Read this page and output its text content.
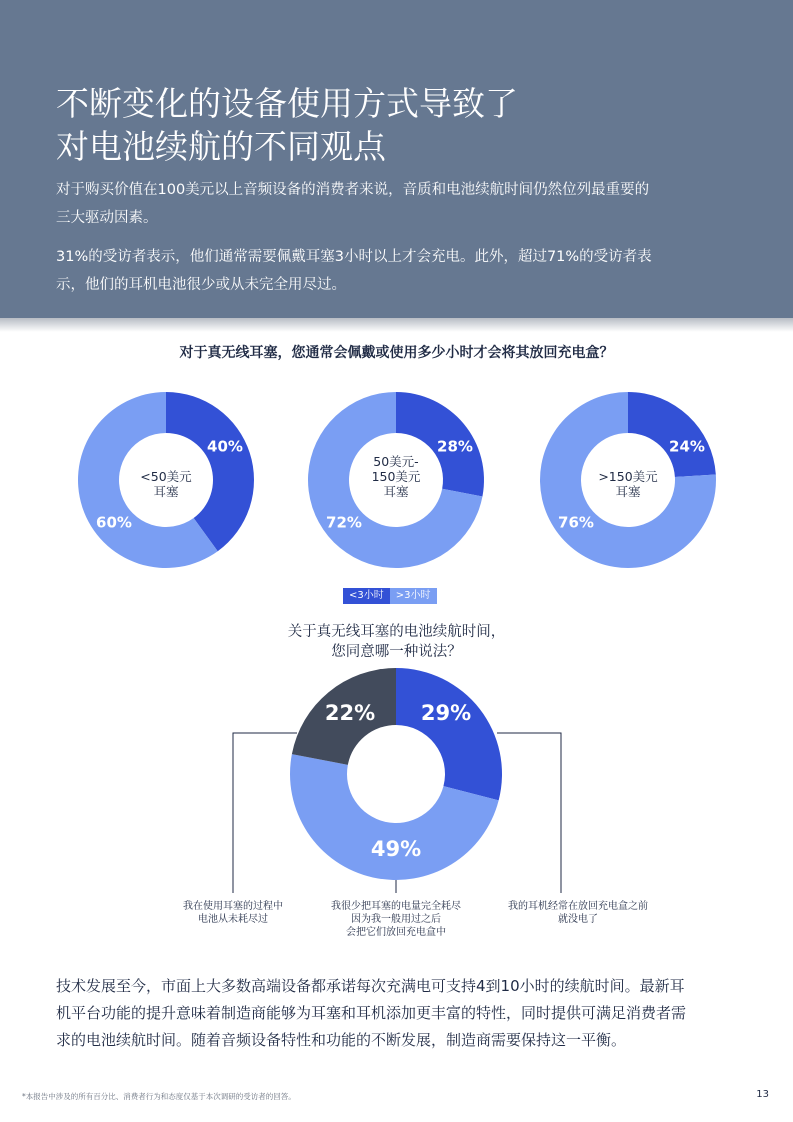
不断变化的设备使用方式导致了
对电池续航的不同观点
对于购买价值在100美元以上音频设备的消费者来说，音质和电池续航时间仍然位列最重要的
三大驱动因素。
31%的受访者表示，他们通常需要佩戴耳塞3小时以上才会充电。此外，超过71%的受访者表
示，他们的耳机电池很少或从未完全用尽过。
对于真无线耳塞，您通常会佩戴或使用多少小时才会将其放回充电盒？
40%
60%
28%
72%
24%
76%
29%
49%
22%
<50美元
耳塞
50美元-
150美元
耳塞
>150美元
耳塞
<3小时	>3小时
关于真无线耳塞的电池续航时间，
您同意哪一种说法？
我在使用耳塞的过程中
电池从未耗尽过
我很少把耳塞的电量完全耗尽
因为我一般用过之后
会把它们放回充电盒中
我的耳机经常在放回充电盒之前
就没电了
技术发展至今，市面上大多数高端设备都承诺每次充满电可支持4到10小时的续航时间。最新耳
机平台功能的提升意味着制造商能够为耳塞和耳机添加更丰富的特性，同时提供可满足消费者需
求的电池续航时间。随着音频设备特性和功能的不断发展，制造商需要保持这一平衡。
*本报告中涉及的所有百分比、消费者行为和态度仅基于本次调研的受访者的回答。	13
